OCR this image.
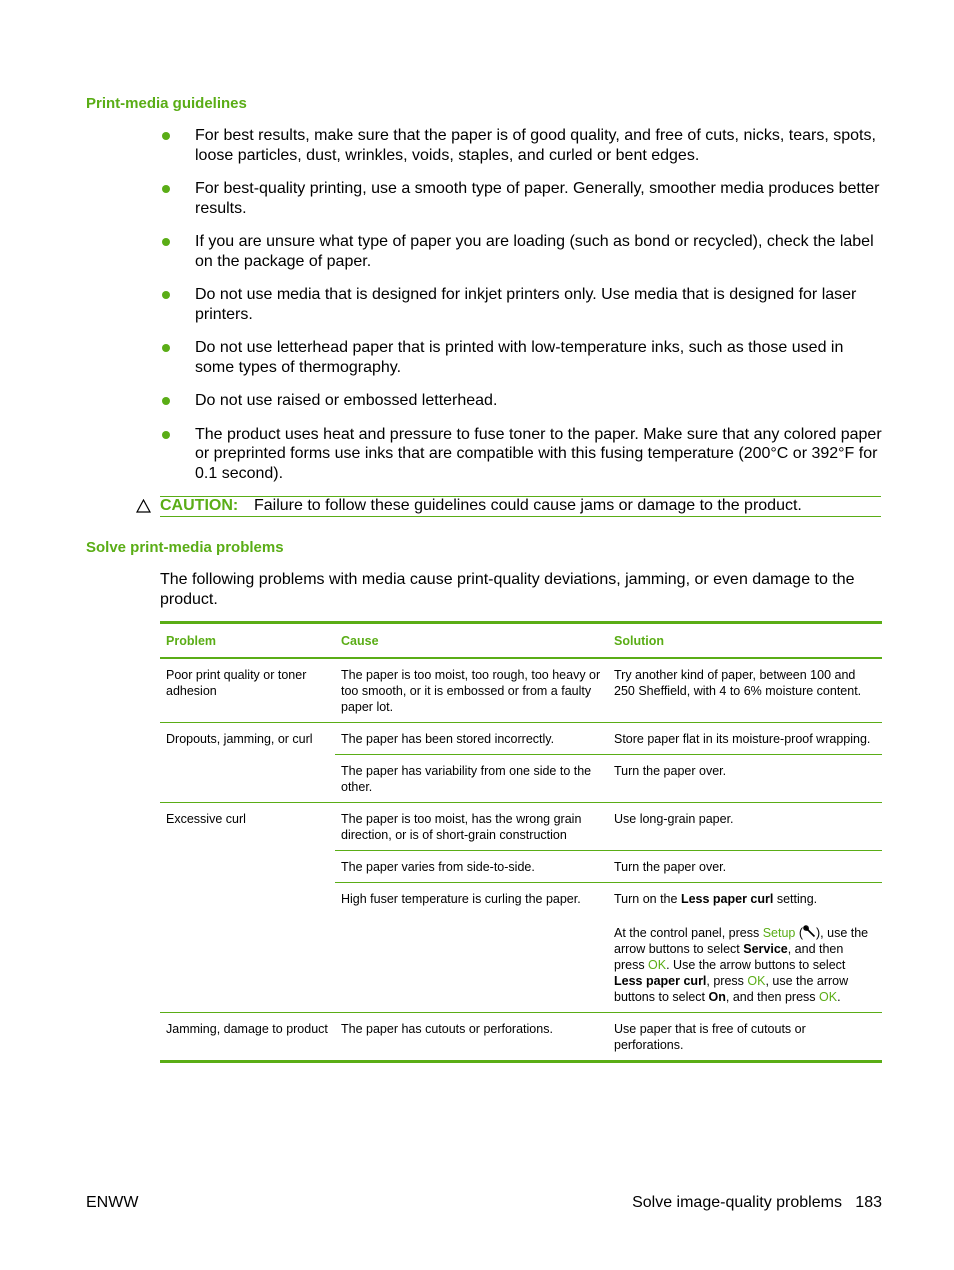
Print-media guidelines
For best results, make sure that the paper is of good quality, and free of cuts, nicks, tears, spots, loose particles, dust, wrinkles, voids, staples, and curled or bent edges.
For best-quality printing, use a smooth type of paper. Generally, smoother media produces better results.
If you are unsure what type of paper you are loading (such as bond or recycled), check the label on the package of paper.
Do not use media that is designed for inkjet printers only. Use media that is designed for laser printers.
Do not use letterhead paper that is printed with low-temperature inks, such as those used in some types of thermography.
Do not use raised or embossed letterhead.
The product uses heat and pressure to fuse toner to the paper. Make sure that any colored paper or preprinted forms use inks that are compatible with this fusing temperature (200°C or 392°F for 0.1 second).
CAUTION: Failure to follow these guidelines could cause jams or damage to the product.
Solve print-media problems

The following problems with media cause print-quality deviations, jamming, or even damage to the product.

Problem	Cause	Solution
Poor print quality or toner adhesion	The paper is too moist, too rough, too heavy or too smooth, or it is embossed or from a faulty paper lot.	Try another kind of paper, between 100 and 250 Sheffield, with 4 to 6% moisture content.
Dropouts, jamming, or curl	The paper has been stored incorrectly.	Store paper flat in its moisture-proof wrapping.
	The paper has variability from one side to the other.	Turn the paper over.
Excessive curl	The paper is too moist, has the wrong grain direction, or is of short-grain construction	Use long-grain paper.
	The paper varies from side-to-side.	Turn the paper over.
	High fuser temperature is curling the paper.	Turn on the Less paper curl setting.
At the control panel, press Setup ( ), use the arrow buttons to select Service, and then press OK. Use the arrow buttons to select Less paper curl, press OK, use the arrow buttons to select On, and then press OK.

Jamming, damage to product	The paper has cutouts or perforations.	Use paper that is free of cutouts or perforations.
ENWW	Solve image-quality problems 183
